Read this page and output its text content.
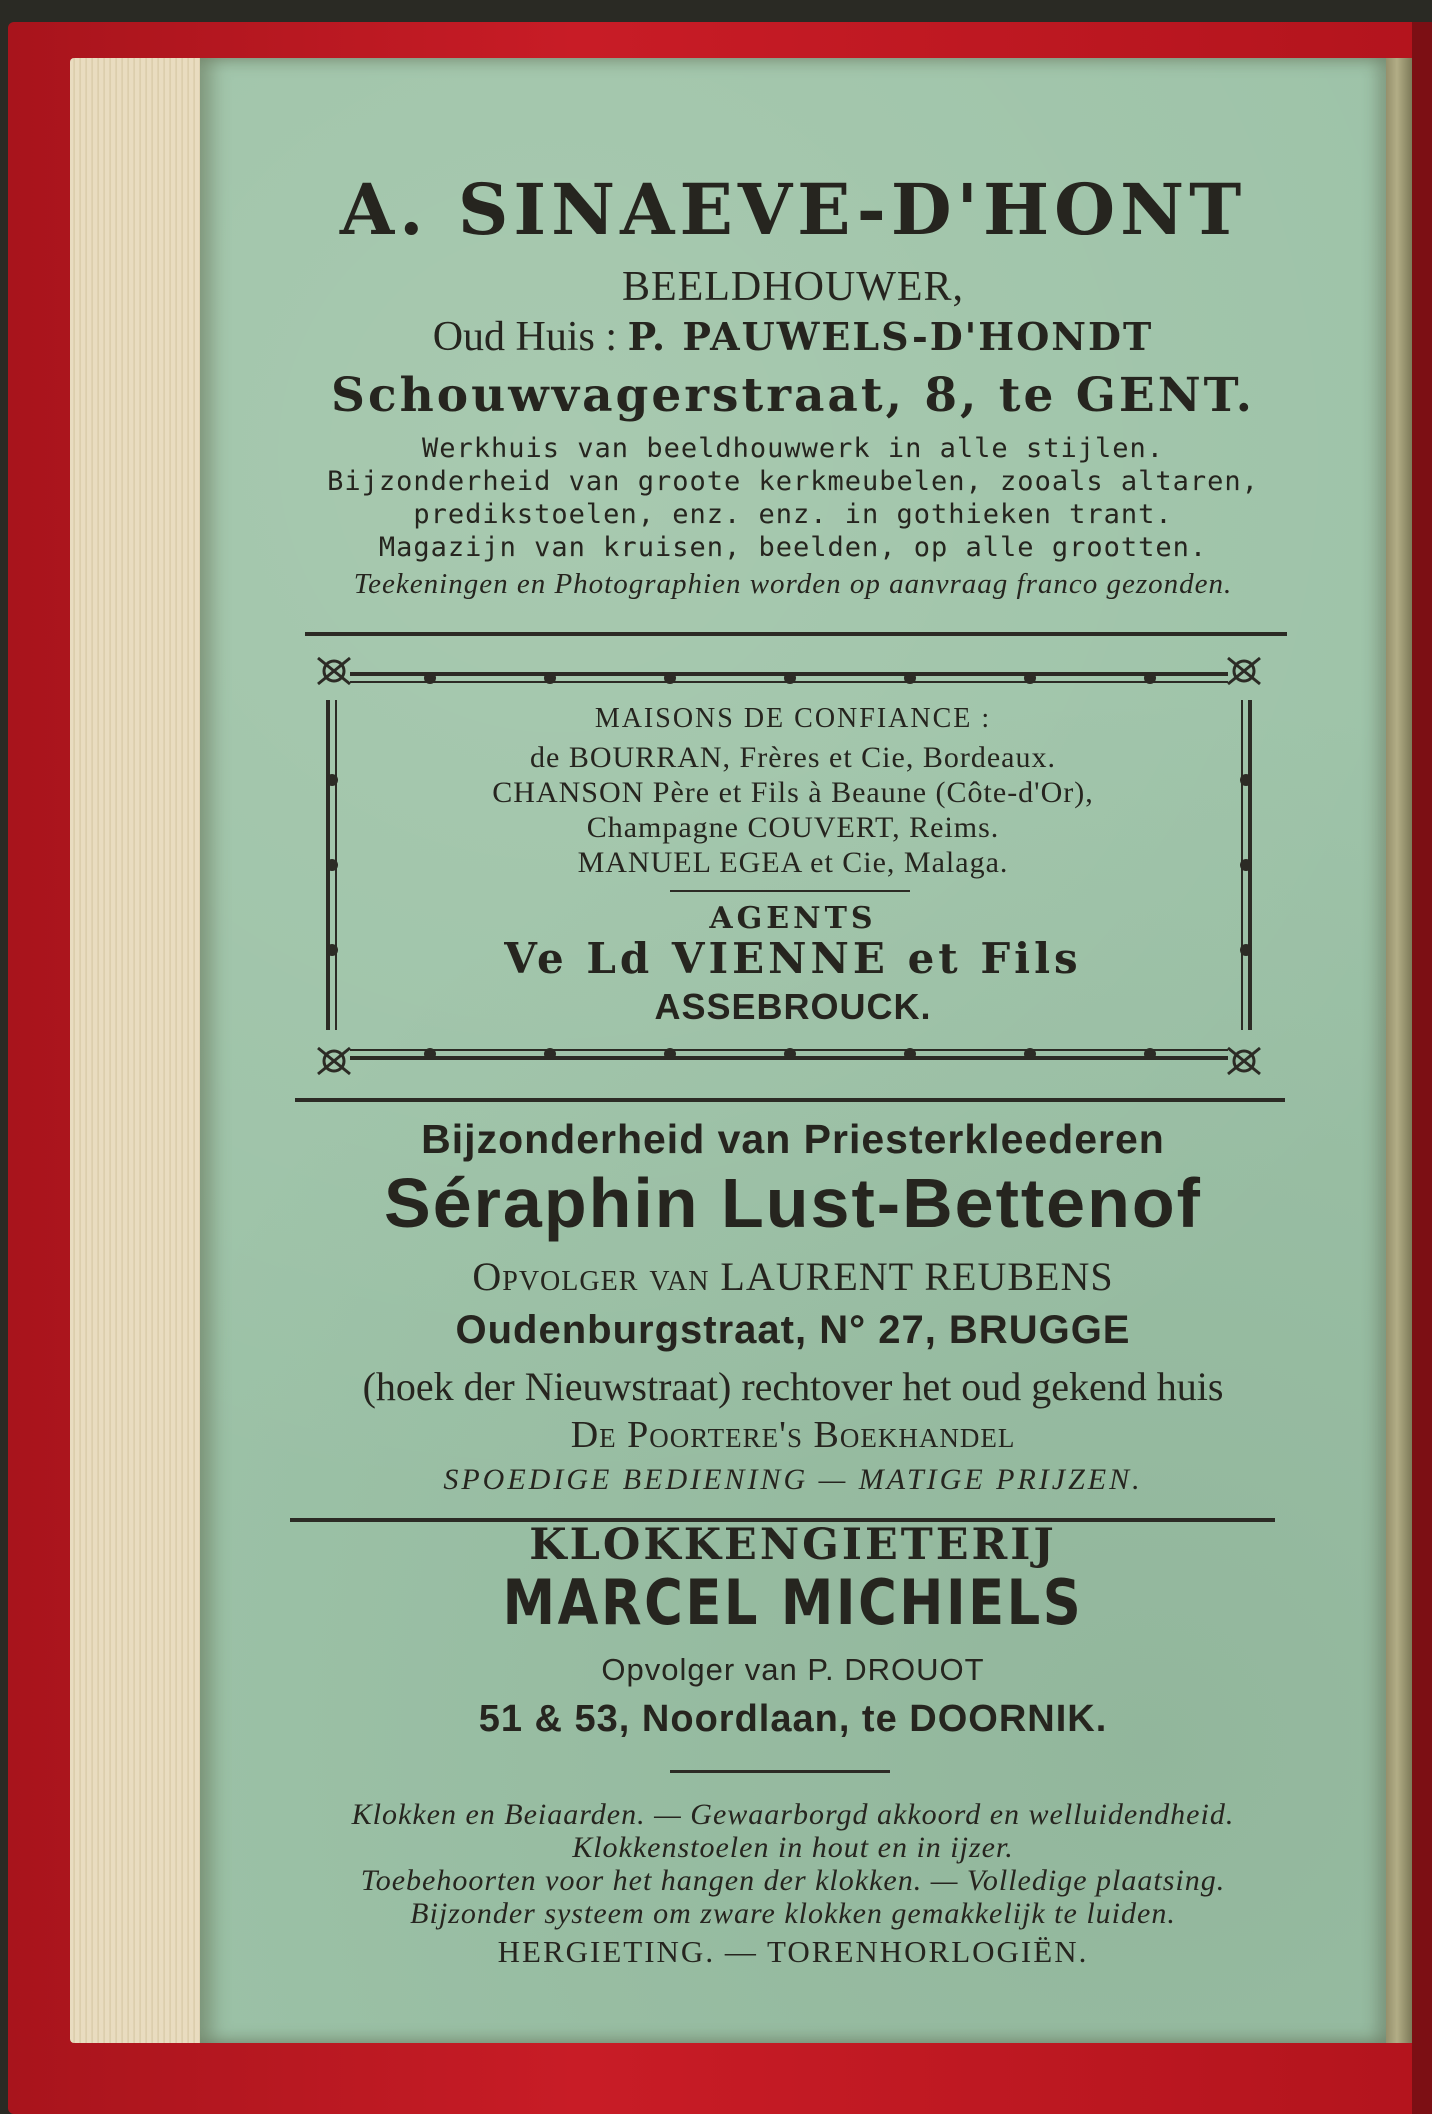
A. SINAEVE-D'HONT
BEELDHOUWER,
Oud Huis : P. PAUWELS-D'HONDT
Schouwvagerstraat, 8, te GENT.
Werkhuis van beeldhouwwerk in alle stijlen.
Bijzonderheid van groote kerkmeubelen, zooals altaren,
predikstoelen, enz. enz. in gothieken trant.
Magazijn van kruisen, beelden, op alle grootten.
Teekeningen en Photographien worden op aanvraag franco gezonden.
MAISONS DE CONFIANCE :
de BOURRAN, Frères et Cie, Bordeaux.
CHANSON Père et Fils à Beaune (Côte-d'Or),
Champagne COUVERT, Reims.
MANUEL EGEA et Cie, Malaga.
AGENTS
Ve Ld VIENNE et Fils
ASSEBROUCK.
Bijzonderheid van Priesterkleederen
Séraphin Lust-Bettenof
Opvolger van LAURENT REUBENS
Oudenburgstraat, N° 27, BRUGGE
(hoek der Nieuwstraat) rechtover het oud gekend huis
De Poortere's Boekhandel
SPOEDIGE BEDIENING — MATIGE PRIJZEN.
KLOKKENGIETERIJ
MARCEL MICHIELS
Opvolger van P. DROUOT
51 & 53, Noordlaan, te DOORNIK.
Klokken en Beiaarden. — Gewaarborgd akkoord en welluidendheid.
Klokkenstoelen in hout en in ijzer.
Toebehoorten voor het hangen der klokken. — Volledige plaatsing.
Bijzonder systeem om zware klokken gemakkelijk te luiden.
HERGIETING. — TORENHORLOGIËN.
